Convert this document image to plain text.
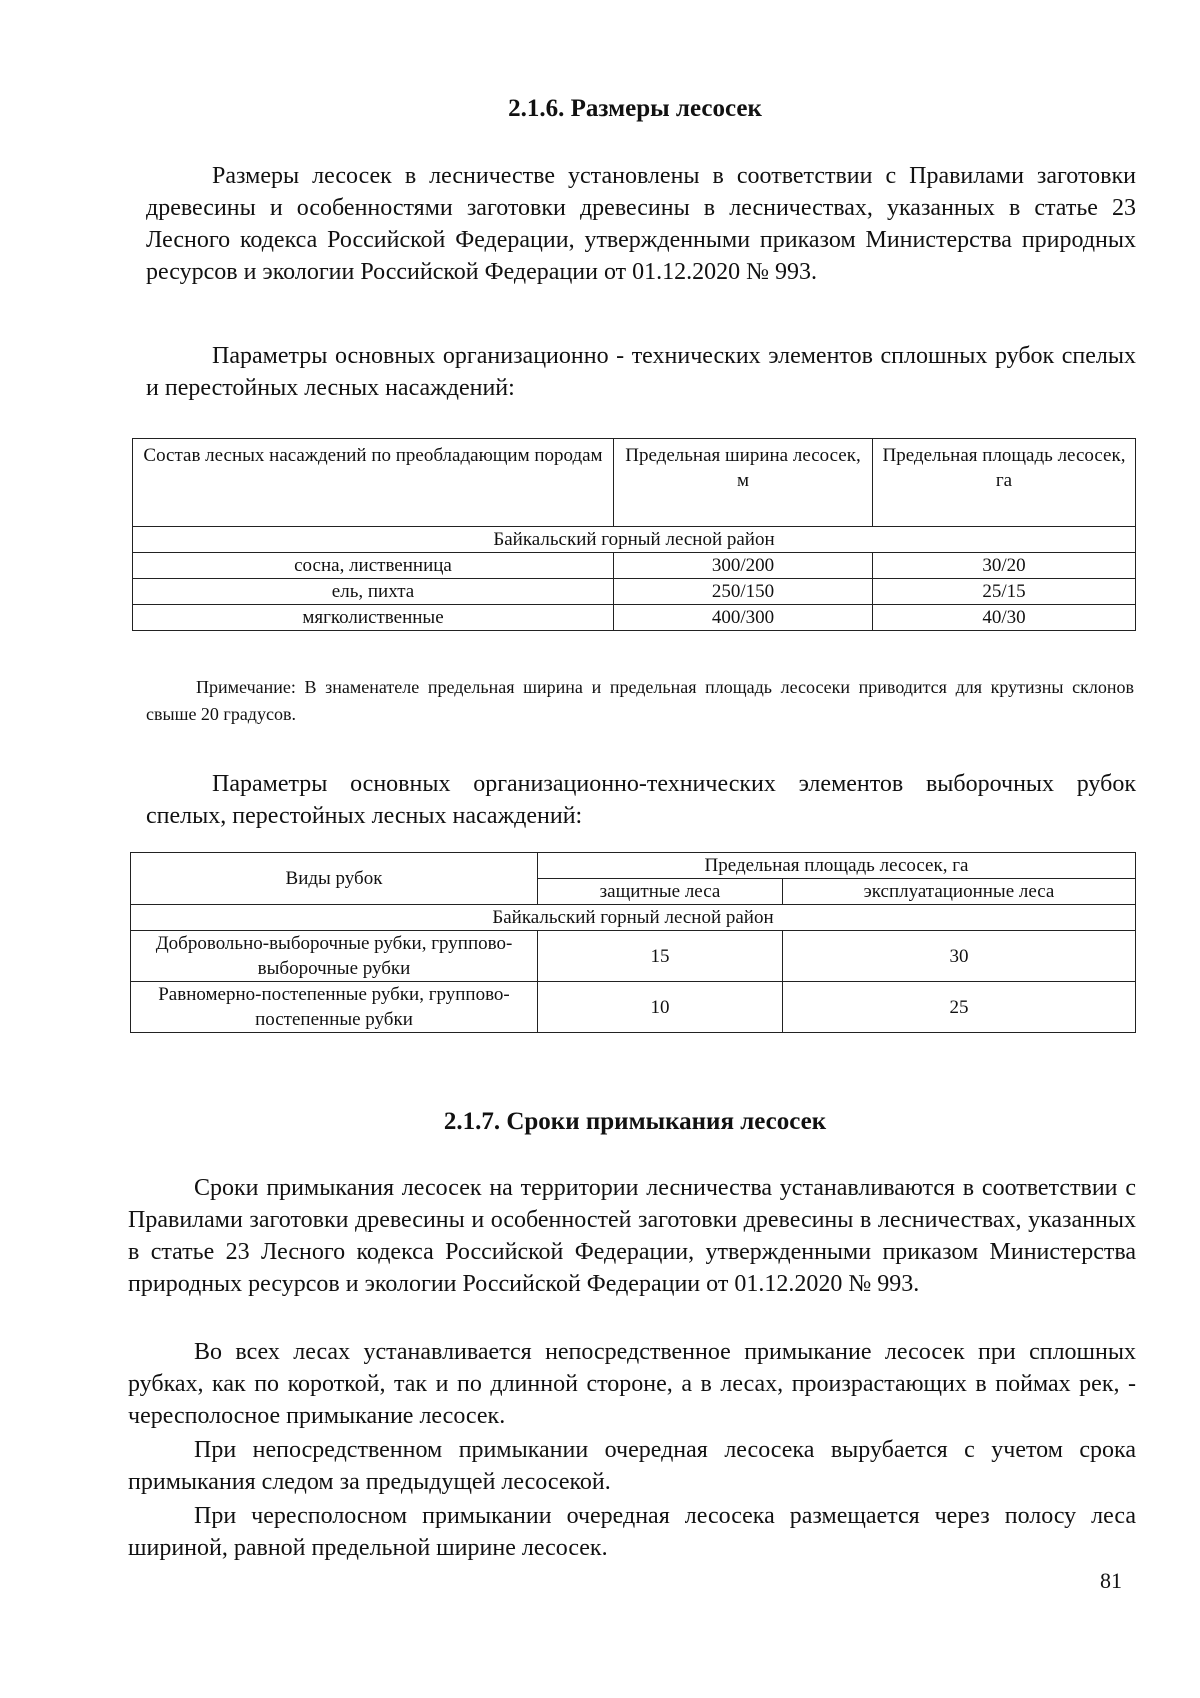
2.1.6. Размеры лесосек

Размеры лесосек в лесничестве установлены в соответствии с Правилами заготовки древесины и особенностями заготовки древесины в лесничествах, указанных в статье 23 Лесного кодекса Российской Федерации, утвержденными приказом Министерства природных ресурсов и экологии Российской Федерации от 01.12.2020 № 993.

Параметры основных организационно - технических элементов сплошных рубок спелых и перестойных лесных насаждений:

Состав лесных насаждений по преобладающим породам	Предельная ширина лесосек, м	Предельная площадь лесосек, га
Байкальский горный лесной район		
сосна, лиственница	300/200	30/20
ель, пихта	250/150	25/15
мягколиственные	400/300	40/30

Примечание: В знаменателе предельная ширина и предельная площадь лесосеки приводится для крутизны склонов свыше 20 градусов.

Параметры основных организационно-технических элементов выборочных рубок спелых, перестойных лесных насаждений:

Виды рубок	Предельная площадь лесосек, га	
	защитные леса	эксплуатационные леса
Байкальский горный лесной район		
Добровольно-выборочные рубки, группово-выборочные рубки	15	30
Равномерно-постепенные рубки, группово-постепенные рубки	10	25
2.1.7. Сроки примыкания лесосек

Сроки примыкания лесосек на территории лесничества устанавливаются в соответствии с Правилами заготовки древесины и особенностей заготовки древесины в лесничествах, указанных в статье 23 Лесного кодекса Российской Федерации, утвержденными приказом Министерства природных ресурсов и экологии Российской Федерации от 01.12.2020 № 993.

Во всех лесах устанавливается непосредственное примыкание лесосек при сплошных рубках, как по короткой, так и по длинной стороне, а в лесах, произрастающих в поймах рек, - чересполосное примыкание лесосек.

При непосредственном примыкании очередная лесосека вырубается с учетом срока примыкания следом за предыдущей лесосекой.

При чересполосном примыкании очередная лесосека размещается через полосу леса шириной, равной предельной ширине лесосек.

81
